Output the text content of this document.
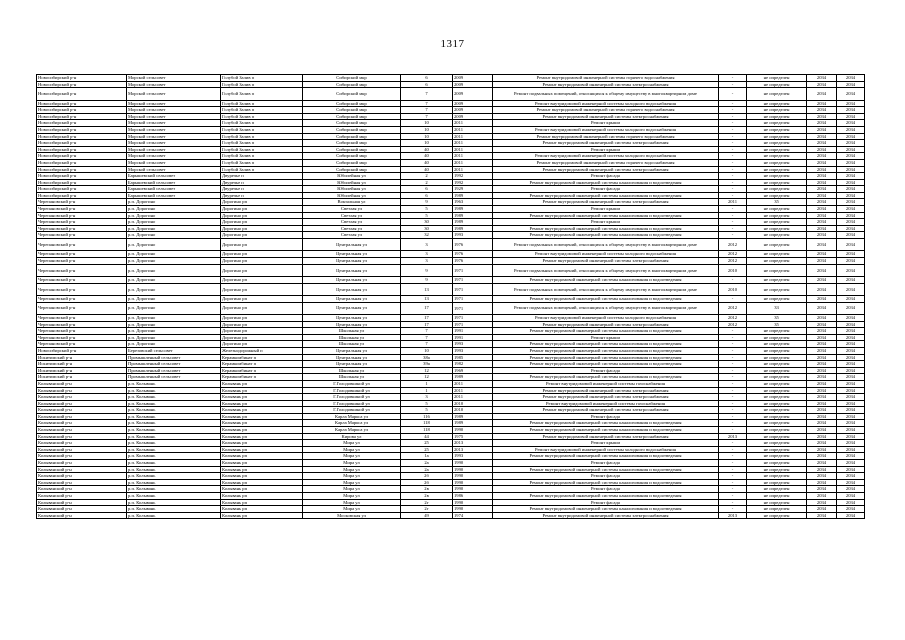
1317
Новосибирский р-н	Морской сельсовет	Голубой Залив п	Сибирский мкр	6	2009	Ремонт внутридомовой инженерной системы горячего водоснабжения	-	не определен	2034	2034
Новосибирский р-н	Морской сельсовет	Голубой Залив п	Сибирский мкр	6	2009	Ремонт внутридомовой инженерной системы электроснабжения	-	не определен	2034	2034
Новосибирский р-н	Морской сельсовет	Голубой Залив п	Сибирский мкр	7	2009	Ремонт подвальных помещений, относящихся к общему имуществу в многоквартирном доме	-	не определен	2034	2034
Новосибирский р-н	Морской сельсовет	Голубой Залив п	Сибирский мкр	7	2009	Ремонт внутридомовой инженерной системы холодного водоснабжения	-	не определен	2034	2034
Новосибирский р-н	Морской сельсовет	Голубой Залив п	Сибирский мкр	7	2009	Ремонт внутридомовой инженерной системы горячего водоснабжения	-	не определен	2034	2034
Новосибирский р-н	Морской сельсовет	Голубой Залив п	Сибирский мкр	7	2009	Ремонт внутридомовой инженерной системы электроснабжения	-	не определен	2034	2034
Новосибирский р-н	Морской сельсовет	Голубой Залив п	Сибирский мкр	10	2011	Ремонт крыши	-	не определен	2034	2034
Новосибирский р-н	Морской сельсовет	Голубой Залив п	Сибирский мкр	10	2011	Ремонт внутридомовой инженерной системы холодного водоснабжения	-	не определен	2034	2034
Новосибирский р-н	Морской сельсовет	Голубой Залив п	Сибирский мкр	10	2011	Ремонт внутридомовой инженерной системы горячего водоснабжения	-	не определен	2034	2034
Новосибирский р-н	Морской сельсовет	Голубой Залив п	Сибирский мкр	10	2011	Ремонт внутридомовой инженерной системы электроснабжения	-	не определен	2034	2034
Новосибирский р-н	Морской сельсовет	Голубой Залив п	Сибирский мкр	40	2011	Ремонт крыши	-	не определен	2034	2034
Новосибирский р-н	Морской сельсовет	Голубой Залив п	Сибирский мкр	40	2011	Ремонт внутридомовой инженерной системы холодного водоснабжения	-	не определен	2034	2034
Новосибирский р-н	Морской сельсовет	Голубой Залив п	Сибирский мкр	40	2011	Ремонт внутридомовой инженерной системы горячего водоснабжения	-	не определен	2034	2034
Новосибирский р-н	Морской сельсовет	Голубой Залив п	Сибирский мкр	40	2011	Ремонт внутридомовой инженерной системы электроснабжения	-	не определен	2034	2034
Новосибирский р-н	Барышевский сельсовет	Двуречье п	Юбилейная ул	2	1992	Ремонт фасада	-	не определен	2034	2034
Новосибирский р-н	Барышевский сельсовет	Двуречье п	Юбилейная ул	2	1992	Ремонт внутридомовой инженерной системы канализования и водоотведения	-	не определен	2034	2034
Новосибирский р-н	Барышевский сельсовет	Двуречье п	Юбилейная ул	6	1929	Ремонт фасада	-	не определен	2034	2034
Новосибирский р-н	Барышевский сельсовет	Двуречье п	Юбилейная ул	6	1989	Ремонт внутридомовой инженерной системы канализования и водоотведения	-	не определен	2034	2034
Черепановский р-н	р.п. Дорогино	Дорогино рп	Вокзальная ул	9	1963	Ремонт внутридомовой инженерной системы электроснабжения	2011	35	2034	2034
Черепановский р-н	р.п. Дорогино	Дорогино рп	Светлая ул	5	1989	Ремонт крыши	-	не определен	2034	2034
Черепановский р-н	р.п. Дорогино	Дорогино рп	Светлая ул	5	1989	Ремонт внутридомовой инженерной системы канализования и водоотведения	-	не определен	2034	2034
Черепановский р-н	р.п. Дорогино	Дорогино рп	Светлая ул	30	1989	Ремонт крыши	-	не определен	2034	2034
Черепановский р-н	р.п. Дорогино	Дорогино рп	Светлая ул	30	1989	Ремонт внутридомовой инженерной системы канализования и водоотведения	-	не определен	2034	2034
Черепановский р-н	р.п. Дорогино	Дорогино рп	Светлая ул	32	1993	Ремонт внутридомовой инженерной системы канализования и водоотведения	-	не определен	2034	2034
Черепановский р-н	р.п. Дорогино	Дорогино рп	Центральная ул	3	1976	Ремонт подвальных помещений, относящихся к общему имуществу в многоквартирном доме	2012	не определен	2034	2034
Черепановский р-н	р.п. Дорогино	Дорогино рп	Центральная ул	3	1976	Ремонт внутридомовой инженерной системы холодного водоснабжения	2012	не определен	2034	2034
Черепановский р-н	р.п. Дорогино	Дорогино рп	Центральная ул	3	1976	Ремонт внутридомовой инженерной системы электроснабжения	2012	не определен	2034	2034
Черепановский р-н	р.п. Дорогино	Дорогино рп	Центральная ул	9	1971	Ремонт подвальных помещений, относящихся к общему имуществу в многоквартирном доме	2010	не определен	2034	2034
Черепановский р-н	р.п. Дорогино	Дорогино рп	Центральная ул	9	1971	Ремонт внутридомовой инженерной системы канализования и водоотведения	-	не определен	2034	2034
Черепановский р-н	р.п. Дорогино	Дорогино рп	Центральная ул	13	1971	Ремонт подвальных помещений, относящихся к общему имуществу в многоквартирном доме	2010	не определен	2034	2034
Черепановский р-н	р.п. Дорогино	Дорогино рп	Центральная ул	13	1971	Ремонт внутридомовой инженерной системы канализования и водоотведения	-	не определен	2034	2034
Черепановский р-н	р.п. Дорогино	Дорогино рп	Центральная ул	17	1971	Ремонт подвальных помещений, относящихся к общему имуществу в многоквартирном доме	2012	33	2034	2034
Черепановский р-н	р.п. Дорогино	Дорогино рп	Центральная ул	17	1971	Ремонт внутридомовой инженерной системы холодного водоснабжения	2012	35	2034	2034
Черепановский р-н	р.п. Дорогино	Дорогино рп	Центральная ул	17	1971	Ремонт внутридомовой инженерной системы электроснабжения	2012	35	2034	2034
Черепановский р-н	р.п. Дорогино	Дорогино рп	Школьная ул	7	1991	Ремонт внутридомовой инженерной системы канализования и водоотведения	-	не определен	2034	2034
Черепановский р-н	р.п. Дорогино	Дорогино рп	Школьная ул	7	1991	Ремонт крыши	-	не определен	2034	2034
Черепановский р-н	р.п. Дорогино	Дорогино рп	Школьная ул	7	1993	Ремонт внутридомовой инженерной системы канализования и водоотведения	-	не определен	2034	2034
Новосибирский р-н	Березовский сельсовет	Железнодорожный п	Центральная ул	10	1993	Ремонт внутридомовой инженерной системы канализования и водоотведения	-	не определен	2034	2034
Искитимский р-н	Промышленный сельсовет	Керамкомбинат п	Центральная ул	38а	1985	Ремонт внутридомовой инженерной системы канализования и водоотведения	-	не определен	2034	2034
Искитимский р-н	Промышленный сельсовет	Керамкомбинат п	Центральная ул	39а	1982	Ремонт внутридомовой инженерной системы канализования и водоотведения	-	не определен	2034	2034
Искитимский р-н	Промышленный сельсовет	Керамкомбинат п	Школьная ул	12	1969	Ремонт фасада	-	не определен	2034	2034
Искитимский р-н	Промышленный сельсовет	Керамкомбинат п	Школьная ул	12	1989	Ремонт внутридомовой инженерной системы канализования и водоотведения	-	не определен	2034	2034
Колыванский р-н	р.п. Колывань	Колывань рп	Г.Голодовкиной ул	1	2011	Ремонт внутридомовой инженерной системы газоснабжения	-	не определен	2034	2034
Колыванский р-н	р.п. Колывань	Колывань рп	Г.Голодовкиной ул	1	2011	Ремонт внутридомовой инженерной системы электроснабжения	-	не определен	2034	2034
Колыванский р-н	р.п. Колывань	Колывань рп	Г.Голодовкиной ул	3	2011	Ремонт внутридомовой инженерной системы электроснабжения	-	не определен	2034	2034
Колыванский р-н	р.п. Колывань	Колывань рп	Г.Голодовкиной ул	5	2010	Ремонт внутридомовой инженерной системы газоснабжения	-	не определен	2034	2034
Колыванский р-н	р.п. Колывань	Колывань рп	Г.Голодовкиной ул	5	2010	Ремонт внутридомовой инженерной системы электроснабжения	-	не определен	2034	2034
Колыванский р-н	р.п. Колывань	Колывань рп	Карла Маркса ул	116	1989	Ремонт фасада	-	не определен	2034	2034
Колыванский р-н	р.п. Колывань	Колывань рп	Карла Маркса ул	118	1989	Ремонт внутридомовой инженерной системы канализования и водоотведения	-	не определен	2034	2034
Колыванский р-н	р.п. Колывань	Колывань рп	Карла Маркса ул	118	1990	Ремонт внутридомовой инженерной системы канализования и водоотведения	-	не определен	2034	2034
Колыванский р-н	р.п. Колывань	Колывань рп	Кирова ул	44	1975	Ремонт внутридомовой инженерной системы электроснабжения	2013	не определен	2034	2034
Колыванский р-н	р.п. Колывань	Колывань рп	Мира ул	25	2013	Ремонт крыши	-	не определен	2034	2034
Колыванский р-н	р.п. Колывань	Колывань рп	Мира ул	25	2013	Ремонт внутридомовой инженерной системы холодного водоснабжения	-	не определен	2034	2034
Колыванский р-н	р.п. Колывань	Колывань рп	Мира ул	1а	1993	Ремонт внутридомовой инженерной системы канализования и водоотведения	-	не определен	2034	2034
Колыванский р-н	р.п. Колывань	Колывань рп	Мира ул	2а	1990	Ремонт фасада	-	не определен	2034	2034
Колыванский р-н	р.п. Колывань	Колывань рп	Мира ул	2а	1990	Ремонт внутридомовой инженерной системы канализования и водоотведения	-	не определен	2034	2034
Колыванский р-н	р.п. Колывань	Колывань рп	Мира ул	2б	1990	Ремонт фасада	-	не определен	2034	2034
Колыванский р-н	р.п. Колывань	Колывань рп	Мира ул	2б	1990	Ремонт внутридомовой инженерной системы канализования и водоотведения	-	не определен	2034	2034
Колыванский р-н	р.п. Колывань	Колывань рп	Мира ул	2в	1990	Ремонт фасада	-	не определен	2034	2034
Колыванский р-н	р.п. Колывань	Колывань рп	Мира ул	2в	1986	Ремонт внутридомовой инженерной системы канализования и водоотведения	-	не определен	2034	2034
Колыванский р-н	р.п. Колывань	Колывань рп	Мира ул	2г	1990	Ремонт фасада	-	не определен	2034	2034
Колыванский р-н	р.п. Колывань	Колывань рп	Мира ул	2г	1990	Ремонт внутридомовой инженерной системы канализования и водоотведения	-	не определен	2034	2034
Колыванский р-н	р.п. Колывань	Колывань рп	Московская ул	49	1974	Ремонт внутридомовой инженерной системы электроснабжения	2013	не определен	2034	2034
